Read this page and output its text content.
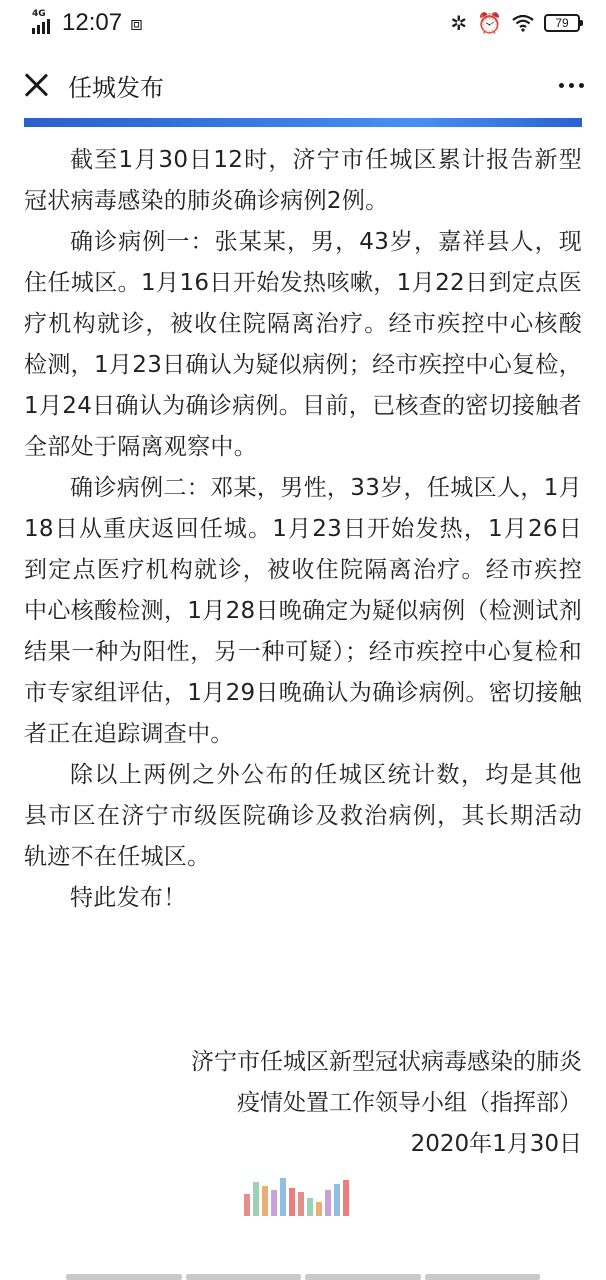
4G 12:07 ⧈	✲ ⏰	79
任城发布

截至1月30日12时，济宁市任城区累计报告新型冠状病毒感染的肺炎确诊病例2例。

确诊病例一：张某某，男，43岁，嘉祥县人，现住任城区。1月16日开始发热咳嗽，1月22日到定点医疗机构就诊，被收住院隔离治疗。经市疾控中心核酸检测，1月23日确认为疑似病例；经市疾控中心复检，1月24日确认为确诊病例。目前，已核查的密切接触者全部处于隔离观察中。

确诊病例二：邓某，男性，33岁，任城区人，1月18日从重庆返回任城。1月23日开始发热，1月26日到定点医疗机构就诊，被收住院隔离治疗。经市疾控中心核酸检测，1月28日晚确定为疑似病例（检测试剂结果一种为阳性，另一种可疑）；经市疾控中心复检和市专家组评估，1月29日晚确认为确诊病例。密切接触者正在追踪调查中。

除以上两例之外公布的任城区统计数，均是其他县市区在济宁市级医院确诊及救治病例，其长期活动轨迹不在任城区。

特此发布！

济宁市任城区新型冠状病毒感染的肺炎
疫情处置工作领导小组（指挥部）
2020年1月30日
